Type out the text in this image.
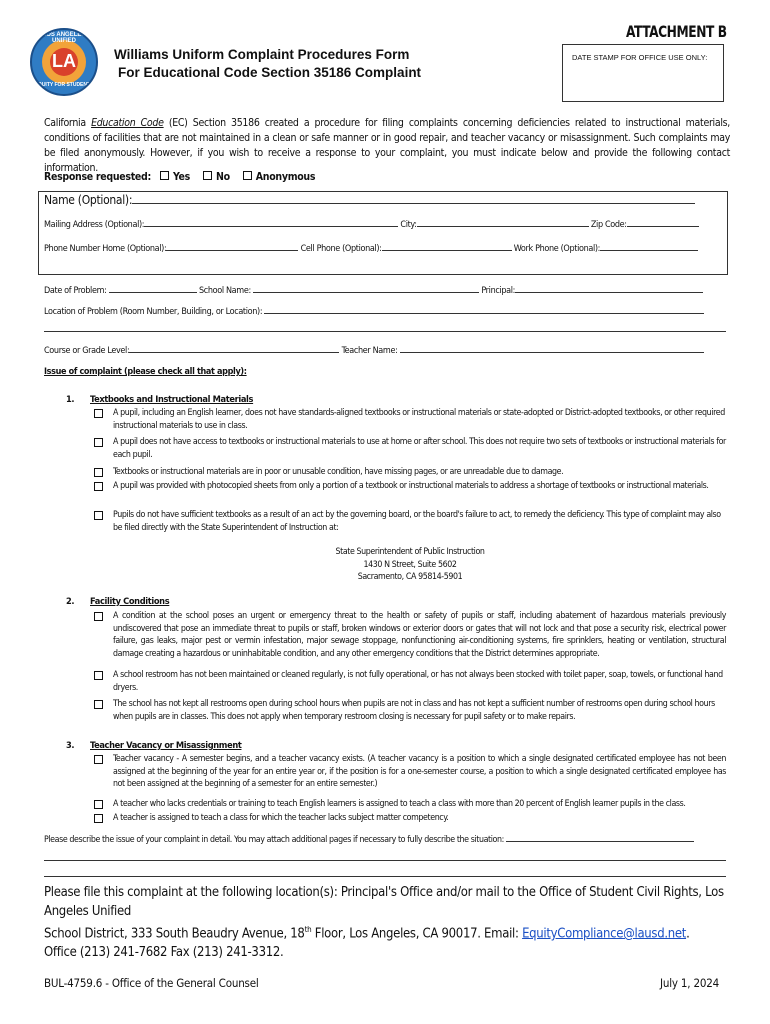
LOS ANGELES UNIFIED
LA
EQUITY FOR STUDENTS
Williams Uniform Complaint Procedures Form
For Educational Code Section 35186 Complaint
ATTACHMENT B
DATE STAMP FOR OFFICE USE ONLY:
California Education Code (EC) Section 35186 created a procedure for filing complaints concerning deficiencies related to instructional materials, conditions of facilities that are not maintained in a clean or safe manner or in good repair, and teacher vacancy or misassignment. Such complaints may be filed anonymously. However, if you wish to receive a response to your complaint, you must indicate below and provide the following contact information.
Response requested: Yes No Anonymous
Name (Optional):
Mailing Address (Optional):	City:	Zip Code:
Phone Number Home (Optional):	Cell Phone (Optional):	Work Phone (Optional):
Date of Problem:	School Name:	Principal:
Location of Problem (Room Number, Building, or Location):
Course or Grade Level:	Teacher Name:
Issue of complaint (please check all that apply):
1. Textbooks and Instructional Materials
A pupil, including an English learner, does not have standards-aligned textbooks or instructional materials or state-adopted or District-adopted textbooks, or other required instructional materials to use in class.
A pupil does not have access to textbooks or instructional materials to use at home or after school. This does not require two sets of textbooks or instructional materials for each pupil.
Textbooks or instructional materials are in poor or unusable condition, have missing pages, or are unreadable due to damage.
A pupil was provided with photocopied sheets from only a portion of a textbook or instructional materials to address a shortage of textbooks or instructional materials.
Pupils do not have sufficient textbooks as a result of an act by the governing board, or the board's failure to act, to remedy the deficiency. This type of complaint may also be filed directly with the State Superintendent of Instruction at:
State Superintendent of Public Instruction
1430 N Street, Suite 5602
Sacramento, CA 95814-5901
2. Facility Conditions
A condition at the school poses an urgent or emergency threat to the health or safety of pupils or staff, including abatement of hazardous materials previously undiscovered that pose an immediate threat to pupils or staff, broken windows or exterior doors or gates that will not lock and that pose a security risk, electrical power failure, gas leaks, major pest or vermin infestation, major sewage stoppage, nonfunctioning air-conditioning systems, fire sprinklers, heating or ventilation, structural damage creating a hazardous or uninhabitable condition, and any other emergency conditions that the District determines appropriate.
A school restroom has not been maintained or cleaned regularly, is not fully operational, or has not always been stocked with toilet paper, soap, towels, or functional hand dryers.
The school has not kept all restrooms open during school hours when pupils are not in class and has not kept a sufficient number of restrooms open during school hours when pupils are in classes. This does not apply when temporary restroom closing is necessary for pupil safety or to make repairs.
3. Teacher Vacancy or Misassignment
Teacher vacancy - A semester begins, and a teacher vacancy exists. (A teacher vacancy is a position to which a single designated certificated employee has not been assigned at the beginning of the year for an entire year or, if the position is for a one-semester course, a position to which a single designated certificated employee has not been assigned at the beginning of a semester for an entire semester.)
A teacher who lacks credentials or training to teach English learners is assigned to teach a class with more than 20 percent of English learner pupils in the class.
A teacher is assigned to teach a class for which the teacher lacks subject matter competency.
Please describe the issue of your complaint in detail. You may attach additional pages if necessary to fully describe the situation:
Please file this complaint at the following location(s): Principal's Office and/or mail to the Office of Student Civil Rights, Los Angeles Unified
School District, 333 South Beaudry Avenue, 18th Floor, Los Angeles, CA 90017. Email: EquityCompliance@lausd.net.
Office (213) 241-7682 Fax (213) 241-3312.
BUL-4759.6 - Office of the General Counsel	July 1, 2024
